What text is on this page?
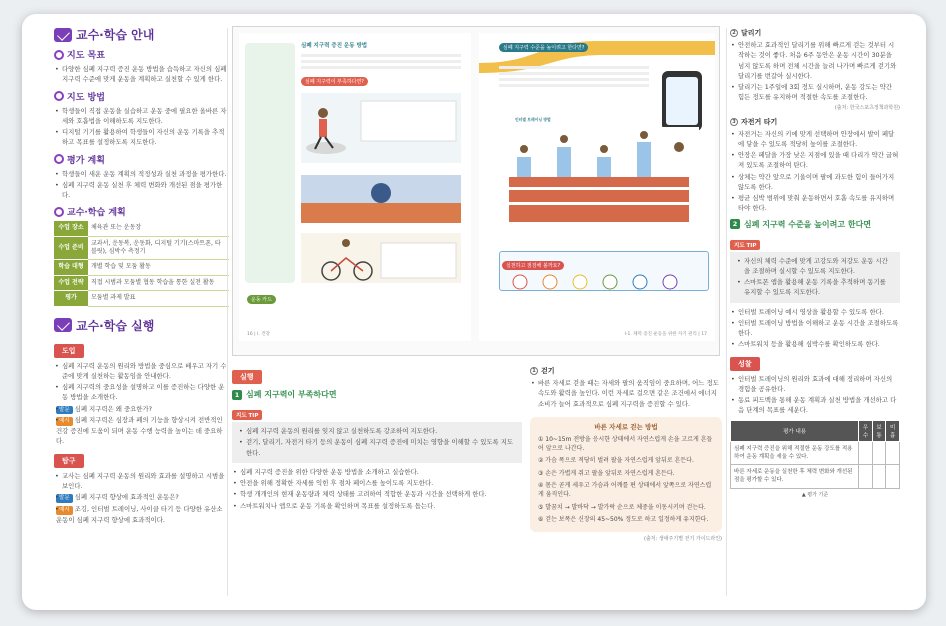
교수·학습 안내
지도 목표
• 다양한 심폐 지구력 증진 운동 방법을 습득하고 자신의 심폐 지구력 수준에 맞게 운동을 계획하고 실천할 수 있게 한다.
지도 방법
• 학생들이 직접 운동을 실습하고 운동 중에 필요한 올바른 자세와 호흡법을 이해하도록 지도한다.
• 디지털 기기를 활용하여 학생들이 자신의 운동 기록을 추적하고 목표를 설정하도록 지도한다.
평가 계획
• 학생들이 새운 운동 계획의 적정성과 실천 과정을 평가한다.
• 심폐 지구력 운동 실천 후 체력 변화와 개선된 점을 평가한다.
교수·학습 계획
수업 장소	체육관 또는 운동장
수업 준비	교과서, 운동복, 운동화, 디지털 기기(스마트폰, 타블릿), 심박수 측정기
학습 대형	개별 학습 및 모둠 활동
수업 전략	직접 시범과 모둠별 협동 학습을 통한 실천 활동
평가	모둠별 과제 발표
교수·학습 실행
도입
• 심폐 지구력 운동의 원리와 방법을 중심으로 배우고 자기 수준에 맞게 실천하는 활동임을 안내한다.
• 심폐 지구력의 중요성을 설명하고 이를 증진하는 다양한 운동 방법을 소개한다.
• 발문 심폐 지구력은 왜 중요한가?
• 예시 심폐 지구력은 심장과 폐의 기능을 향상시켜 전반적인 건강 증진에 도움이 되며 운동 수행 능력을 높이는 데 중요하다.
탐구
• 교사는 심폐 지구력 운동의 원리와 효과를 설명하고 시범을 보인다.
• 발문 심폐 지구력 향상에 효과적인 운동은?
• 예시 조깅, 인터벌 트레이닝, 사이클 타기 등 다양한 유산소 운동이 심폐 지구력 향상에 효과적이다.
심폐 지구력 증진 운동 방법
심폐 지구력이 부족하다면?
운동 카드
16 | I. 건강
심폐 지구력 수준을 높이려고 한다면?
인터벌 트레이닝 방법
실천하고 점검해 볼까요?
I-1. 체력 증진 운동을 위한 자기 관리 | 17
실행
1 심폐 지구력이 부족하다면
지도 TIP
• 심폐 지구력 운동의 원리를 잊지 않고 실천하도록 강조하여 지도한다.
• 걷기, 달리기, 자전거 타기 등의 운동이 심폐 지구력 증진에 미치는 영향을 이해할 수 있도록 지도한다.
• 심폐 지구력 증진을 위한 다양한 운동 방법을 소개하고 실습한다.
• 안전을 위해 정확한 자세를 익힌 후 점차 페이스를 높이도록 지도한다.
• 학생 개개인의 현재 운동량과 체력 상태를 고려하여 적합한 운동과 시간을 선택하게 한다.
• 스마트워치나 앱으로 운동 기록을 확인하며 목표를 설정하도록 돕는다.
1 걷기
• 바른 자세로 걷을 때는 자세와 팔의 움직임이 중요하며, 어느 정도 속도와 활력을 높인다. 이런 자세로 걸으면 같은 조건에서 에너지 소비가 늘어 효과적으로 심폐 지구력을 증진할 수 있다.
바른 자세로 걷는 방법
① 10~15m 전방을 응시한 상태에서 자연스럽게 손을 고르게 흔들어 앞으로 나간다.
② 가슴 폭으로 적당히 벌려 팔을 자연스럽게 앞뒤로 흔든다.
③ 손은 가볍게 쥐고 팔을 앞뒤로 자연스럽게 흔든다.
④ 몸은 곧게 세우고 가슴과 어깨를 편 상태에서 앞쪽으로 자연스럽게 움직인다.
⑤ 발꿈치 → 발바닥 → 발가락 순으로 체중을 이동시키며 걷는다.
⑥ 걷는 보폭은 신장의 45~50% 정도로 하고 일정하게 유지한다.
(출처: 생애주기별 걷기 가이드라인)
2 달리기
• 안전하고 효과적인 달리기를 위해 빠르게 걷는 것부터 시작하는 것이 좋다. 처음 6주 동안은 운동 시간이 30분을 넘지 않도록 하며 전체 시간을 늘려 나가며 빠르게 걷기와 달리기를 번갈아 실시한다.
• 달리기는 1주일에 3회 정도 실시하며, 운동 강도는 약간 힘든 정도를 유지하며 적절한 속도를 조절한다.
(출처: 한국스포츠정책과학원)
3 자전거 타기
• 자전거는 자신의 키에 맞게 선택하며 안장에서 발이 페달에 닿을 수 있도록 적당히 높이를 조절한다.
• 안장은 페달을 가장 낮은 지점에 있을 때 다리가 약간 굽혀져 있도록 조절하여 탄다.
• 상체는 약간 앞으로 기울이며 팔에 과도한 힘이 들어가지 않도록 한다.
• 평균 심박 범위에 맞춰 운동하면서 호흡 속도를 유지하며 타야 한다.
2 심폐 지구력 수준을 높이려고 한다면
지도 TIP
• 자신의 체력 수준에 맞게 고강도와 저강도 운동 시간을 조절하며 실시할 수 있도록 지도한다.
• 스마트폰 앱을 활용해 운동 기록을 추적하며 동기를 유지할 수 있도록 지도한다.
• 인터벌 트레이닝 예시 영상을 활용할 수 있도록 한다.
• 인터벌 트레이닝 방법을 이해하고 운동 시간을 조절하도록 한다.
• 스마트워치 등을 활용해 심박수를 확인하도록 한다.
성찰
• 인터벌 트레이닝의 원리와 효과에 대해 정리하며 자신의 경험을 공유한다.
• 동료 피드백을 통해 운동 계획과 실천 방법을 개선하고 다음 단계의 목표를 세운다.
평가 내용	우수	보통	미흡
심폐 지구력 증진을 위해 적절한 운동 강도를 적용하여 운동 계획을 세울 수 있다.			
바른 자세로 운동을 실천한 후 체력 변화와 개선된 점을 평가할 수 있다.			
▲ 평가 기준
